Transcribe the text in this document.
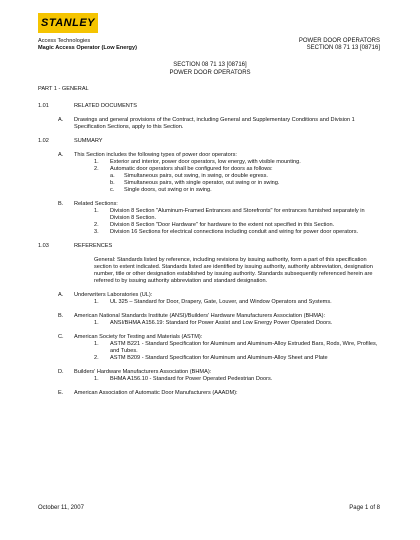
STANLEY
Access Technologies
Magic Access Operator (Low Energy)
POWER DOOR OPERATORS
SECTION 08 71 13 [08716]
SECTION 08 71 13 [08716]
POWER DOOR OPERATORS
PART 1 - GENERAL
1.01	RELATED DOCUMENTS
A.	Drawings and general provisions of the Contract, including General and Supplementary Conditions and Division 1 Specification Sections, apply to this Section.
1.02	SUMMARY
A.	This Section includes the following types of power door operators:
1.	Exterior and interior, power door operators, low energy, with visible mounting.
2.	Automatic door operators shall be configured for doors as follows:
a.	Simultaneous pairs, out swing, in swing, or double egress.
b.	Simultaneous pairs, with single operator, out swing or in swing.
c.	Single doors, out swing or in swing.
B.	Related Sections:
1.	Division 8 Section "Aluminum-Framed Entrances and Storefronts" for entrances furnished separately in Division 8 Section.
2.	Division 8 Section "Door Hardware" for hardware to the extent not specified in this Section.
3.	Division 16 Sections for electrical connections including conduit and wiring for power door operators.
1.03	REFERENCES
General: Standards listed by reference, including revisions by issuing authority, form a part of this specification section to extent indicated. Standards listed are identified by issuing authority, authority abbreviation, designation number, title or other designation established by issuing authority. Standards subsequently referenced herein are referred to by issuing authority abbreviation and standard designation.
A.	Underwriters Laboratories (UL):
1.	UL 325 – Standard for Door, Drapery, Gate, Louver, and Window Operators and Systems.
B.	American National Standards Institute (ANSI)/Builders' Hardware Manufacturers Association (BHMA):
1.	ANSI/BHMA A156.19: Standard for Power Assist and Low Energy Power Operated Doors.
C.	American Society for Testing and Materials (ASTM):
1.	ASTM B221 - Standard Specification for Aluminum and Aluminum-Alloy Extruded Bars, Rods, Wire, Profiles, and Tubes.
2.	ASTM B209 - Standard Specification for Aluminum and Aluminum-Alloy Sheet and Plate
D.	Builders' Hardware Manufacturers Association (BHMA):
1.	BHMA A156.10 - Standard for Power Operated Pedestrian Doors.
E.	American Association of Automatic Door Manufacturers (AAADM):
October 11, 2007	Page 1 of 8
